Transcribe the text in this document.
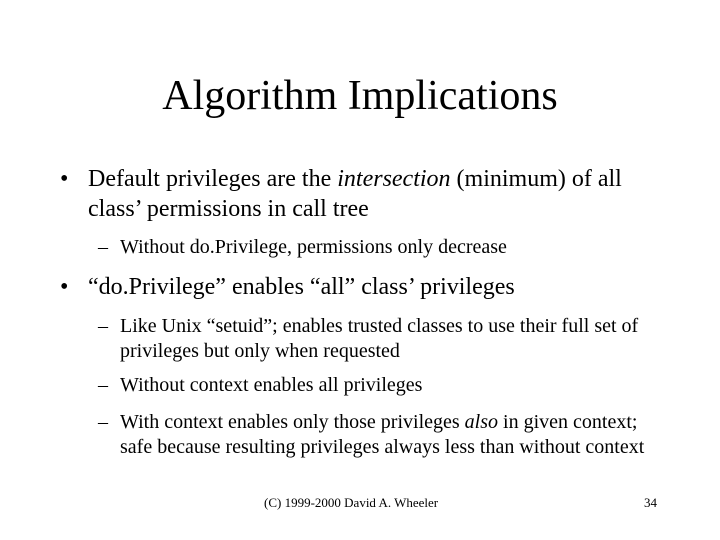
Algorithm Implications
• Default privileges are the intersection (minimum) of all class’ permissions in call tree
– Without do.Privilege, permissions only decrease
• “do.Privilege” enables “all” class’ privileges
– Like Unix “setuid”; enables trusted classes to use their full set of privileges but only when requested
– Without context enables all privileges
– With context enables only those privileges also in given context; safe because resulting privileges always less than without context
(C) 1999-2000 David A. Wheeler	34
